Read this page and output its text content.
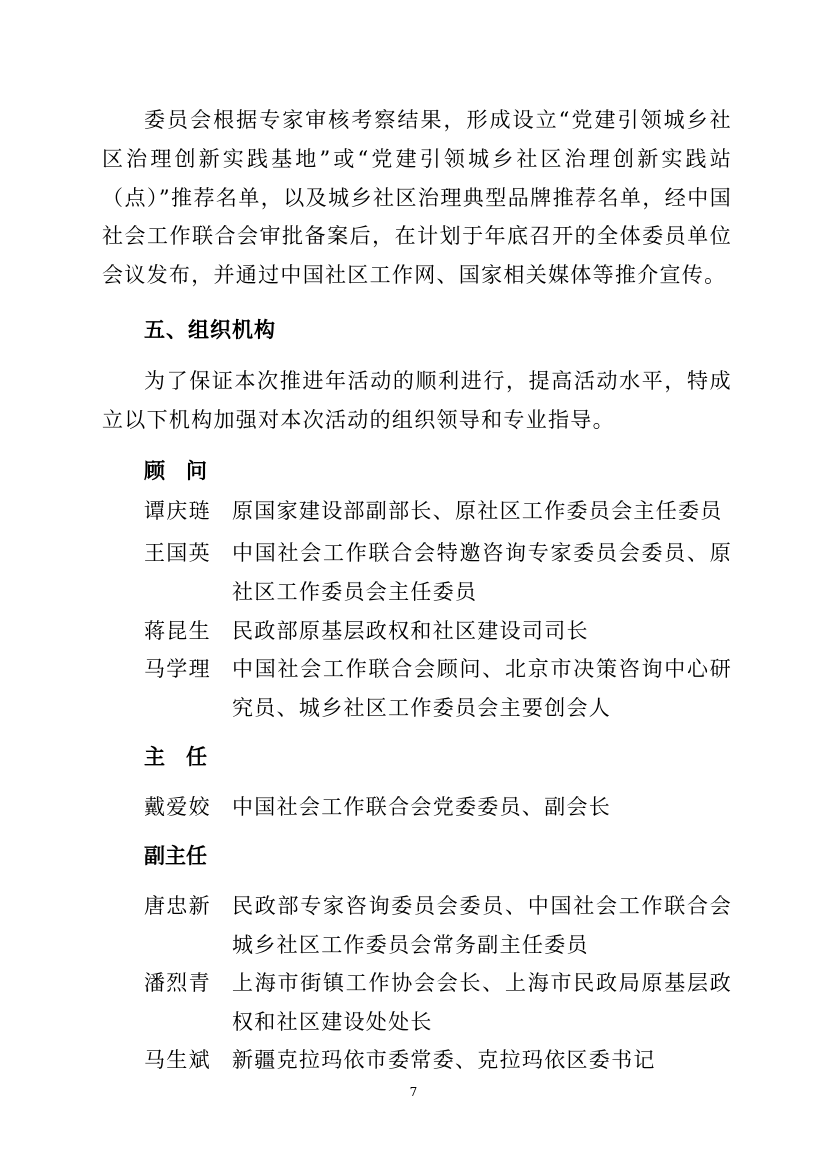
委员会根据专家审核考察结果，形成设立“党建引领城乡社区治理创新实践基地”或“党建引领城乡社区治理创新实践站（点）”推荐名单，以及城乡社区治理典型品牌推荐名单，经中国社会工作联合会审批备案后，在计划于年底召开的全体委员单位会议发布，并通过中国社区工作网、国家相关媒体等推介宣传。

五、组织机构

为了保证本次推进年活动的顺利进行，提高活动水平，特成立以下机构加强对本次活动的组织领导和专业指导。

顾问
谭庆琏	原国家建设部副部长、原社区工作委员会主任委员
王国英	中国社会工作联合会特邀咨询专家委员会委员、原社区工作委员会主任委员
蒋昆生	民政部原基层政权和社区建设司司长
马学理	中国社会工作联合会顾问、北京市决策咨询中心研究员、城乡社区工作委员会主要创会人
主任
戴爱姣	中国社会工作联合会党委委员、副会长
副主任
唐忠新	民政部专家咨询委员会委员、中国社会工作联合会城乡社区工作委员会常务副主任委员
潘烈青	上海市街镇工作协会会长、上海市民政局原基层政权和社区建设处处长
马生斌	新疆克拉玛依市委常委、克拉玛依区委书记
7
